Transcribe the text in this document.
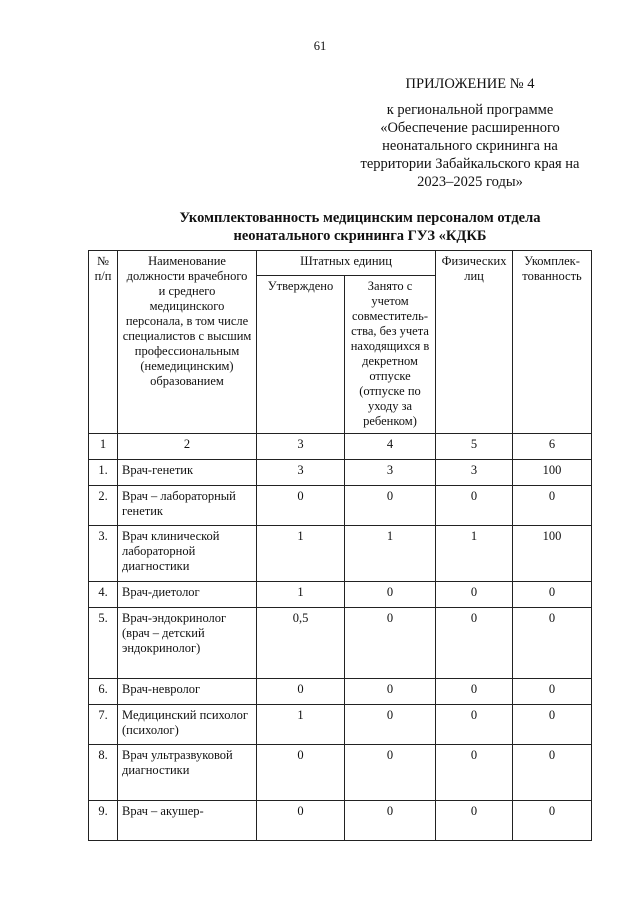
61
ПРИЛОЖЕНИЕ № 4
к региональной программе
«Обеспечение расширенного
неонатального скрининга на
территории Забайкальского края на
2023–2025 годы»
Укомплектованность медицинским персоналом отдела
неонатального скрининга ГУЗ «КДКБ
№ п/п	Наименование должности врачебного и среднего медицинского персонала, в том числе специалистов с высшим профессиональным (немедицинским) образованием	Штатных единиц		Физических лиц	Укомплек-тованность
		Утверждено	Занято с учетом совместитель-ства, без учета находящихся в декретном отпуске (отпуске по уходу за ребенком)		
1	2	3	4	5	6
1.	Врач-генетик	3	3	3	100
2.	Врач – лабораторный генетик	0	0	0	0
3.	Врач клинической лабораторной диагностики	1	1	1	100
4.	Врач-диетолог	1	0	0	0
5.	Врач-эндокринолог (врач – детский эндокринолог)	0,5	0	0	0
6.	Врач-невролог	0	0	0	0
7.	Медицинский психолог (психолог)	1	0	0	0
8.	Врач ультразвуковой диагностики	0	0	0	0
9.	Врач – акушер-	0	0	0	0
